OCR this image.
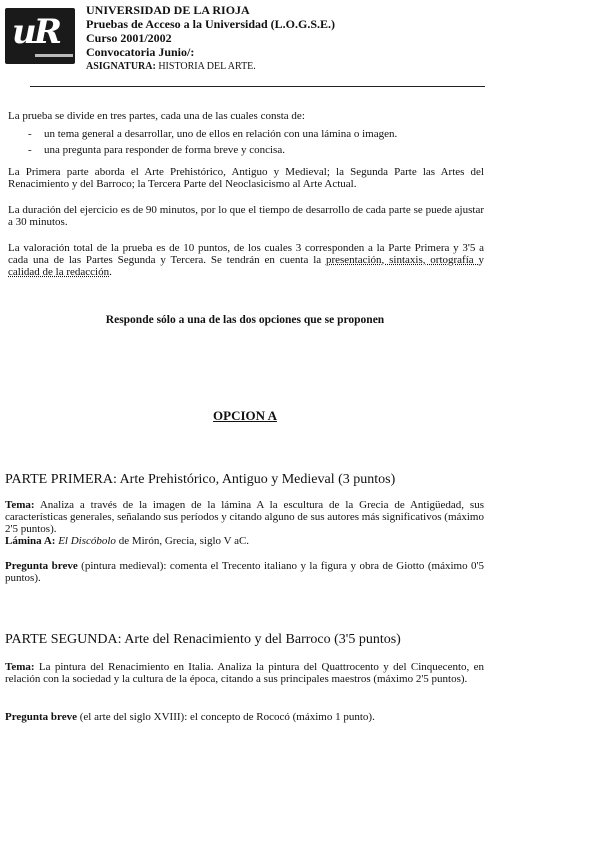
uR
UNIVERSIDAD DE LA RIOJA
Pruebas de Acceso a la Universidad (L.O.G.S.E.)
Curso 2001/2002
Convocatoria Junio/:
ASIGNATURA: HISTORIA DEL ARTE.
La prueba se divide en tres partes, cada una de las cuales consta de:
- un tema general a desarrollar, uno de ellos en relación con una lámina o imagen.
- una pregunta para responder de forma breve y concisa.
La Primera parte aborda el Arte Prehistórico, Antiguo y Medieval; la Segunda Parte las Artes del Renacimiento y del Barroco; la Tercera Parte del Neoclasicismo al Arte Actual.
La duración del ejercicio es de 90 minutos, por lo que el tiempo de desarrollo de cada parte se puede ajustar a 30 minutos.
La valoración total de la prueba es de 10 puntos, de los cuales 3 corresponden a la Parte Primera y 3'5 a cada una de las Partes Segunda y Tercera. Se tendrán en cuenta la presentación, sintaxis, ortografía y calidad de la redacción.
Responde sólo a una de las dos opciones que se proponen
OPCION A
PARTE PRIMERA: Arte Prehistórico, Antiguo y Medieval (3 puntos)
Tema: Analiza a través de la imagen de la lámina A la escultura de la Grecia de Antigüedad, sus características generales, señalando sus períodos y citando alguno de sus autores más significativos (máximo 2'5 puntos).
Lámina A: El Discóbolo de Mirón, Grecia, siglo V aC.
Pregunta breve (pintura medieval): comenta el Trecento italiano y la figura y obra de Giotto (máximo 0'5 puntos).
PARTE SEGUNDA: Arte del Renacimiento y del Barroco (3'5 puntos)
Tema: La pintura del Renacimiento en Italia. Analiza la pintura del Quattrocento y del Cinquecento, en relación con la sociedad y la cultura de la época, citando a sus principales maestros (máximo 2'5 puntos).
Pregunta breve (el arte del siglo XVIII): el concepto de Rococó (máximo 1 punto).
